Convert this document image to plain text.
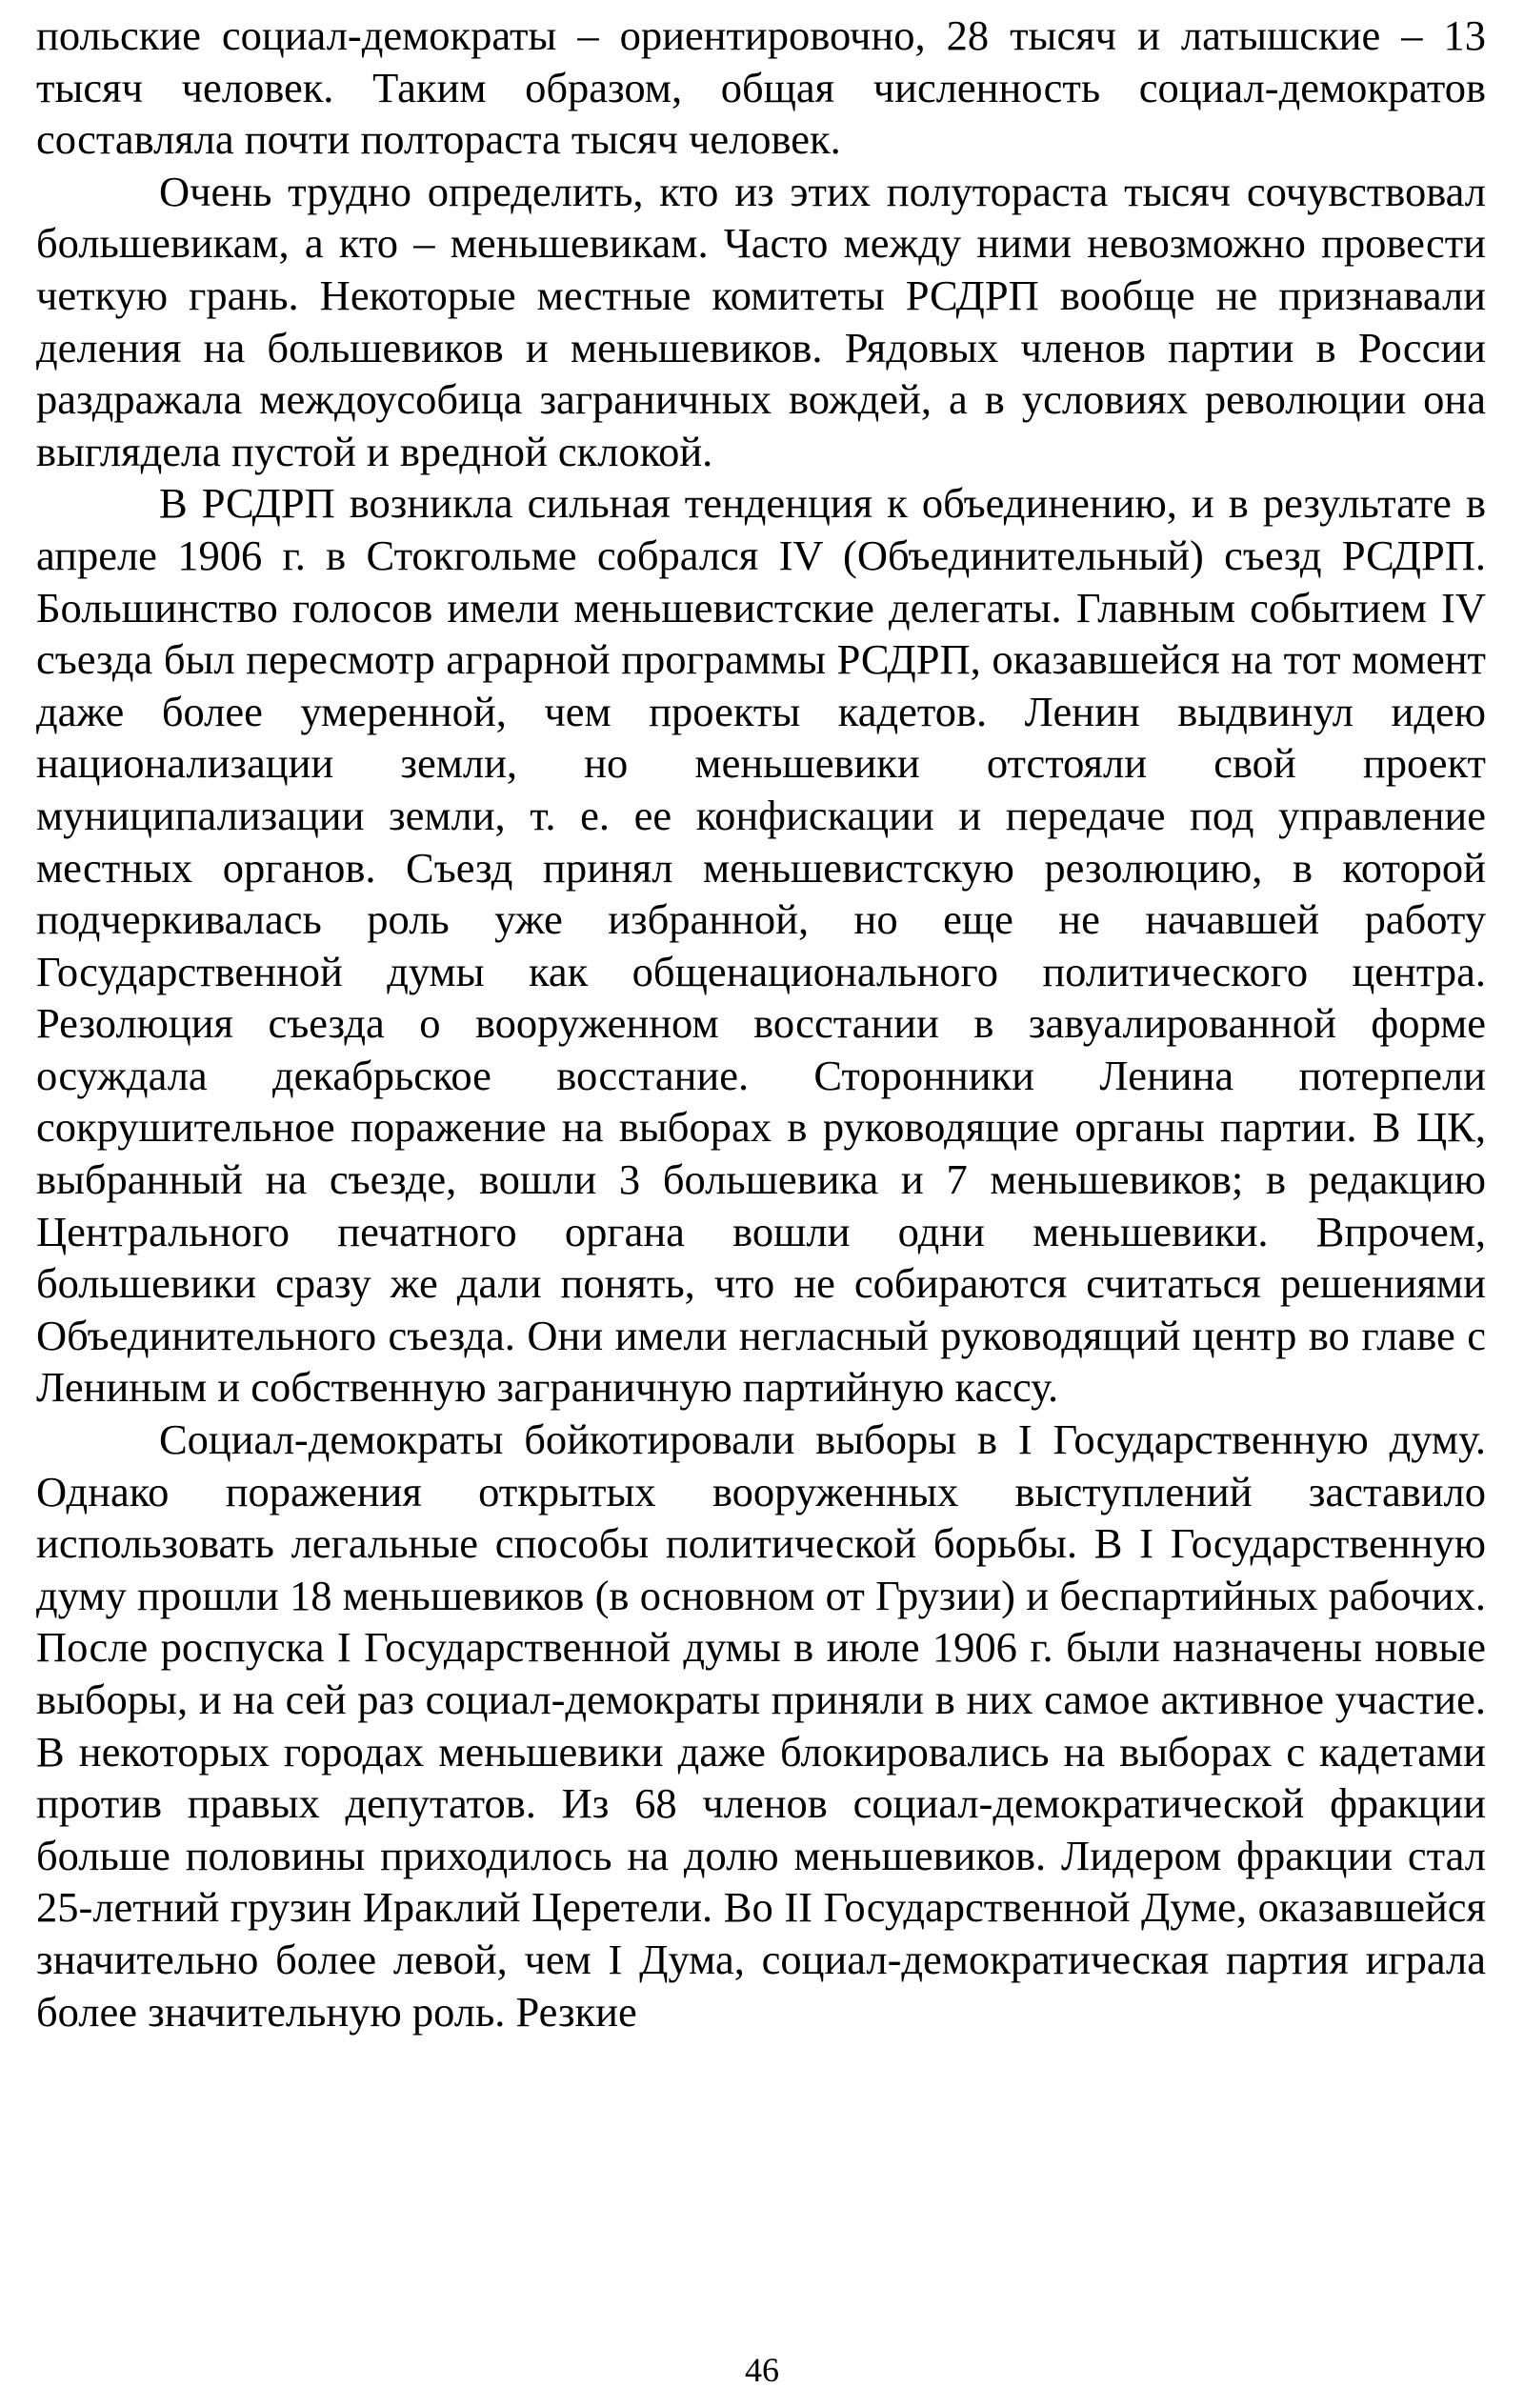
польские социал-демократы – ориентировочно, 28 тысяч и латышские – 13 тысяч человек. Таким образом, общая численность социал-демократов составляла почти полтораста тысяч человек.

Очень трудно определить, кто из этих полутораста тысяч сочувствовал большевикам, а кто – меньшевикам. Часто между ними невозможно провести четкую грань. Некоторые местные комитеты РСДРП вообще не признавали деления на большевиков и меньшевиков. Рядовых членов партии в России раздражала междоусобица заграничных вождей, а в условиях революции она выглядела пустой и вредной склокой.

В РСДРП возникла сильная тенденция к объединению, и в результате в апреле 1906 г. в Стокгольме собрался IV (Объединительный) съезд РСДРП. Большинство голосов имели меньшевистские делегаты. Главным событием IV съезда был пересмотр аграрной программы РСДРП, оказавшейся на тот момент даже более умеренной, чем проекты кадетов. Ленин выдвинул идею национализации земли, но меньшевики отстояли свой проект муниципализации земли, т. е. ее конфискации и передаче под управление местных органов. Съезд принял меньшевистскую резолюцию, в которой подчеркивалась роль уже избранной, но еще не начавшей работу Государственной думы как общенационального политического центра. Резолюция съезда о вооруженном восстании в завуалированной форме осуждала декабрьское восстание. Сторонники Ленина потерпели сокрушительное поражение на выборах в руководящие органы партии. В ЦК, выбранный на съезде, вошли 3 большевика и 7 меньшевиков; в редакцию Центрального печатного органа вошли одни меньшевики. Впрочем, большевики сразу же дали понять, что не собираются считаться решениями Объединительного съезда. Они имели негласный руководящий центр во главе с Лениным и собственную заграничную партийную кассу.

Социал-демократы бойкотировали выборы в I Государственную думу. Однако поражения открытых вооруженных выступлений заставило использовать легальные способы политической борьбы. В I Государственную думу прошли 18 меньшевиков (в основном от Грузии) и беспартийных рабочих. После роспуска I Государственной думы в июле 1906 г. были назначены новые выборы, и на сей раз социал-демократы приняли в них самое активное участие. В некоторых городах меньшевики даже блокировались на выборах с кадетами против правых депутатов. Из 68 членов социал-демократической фракции больше половины приходилось на долю меньшевиков. Лидером фракции стал 25-летний грузин Ираклий Церетели. Во II Государственной Думе, оказавшейся значительно более левой, чем I Дума, социал-демократическая партия играла более значительную роль. Резкие

46
